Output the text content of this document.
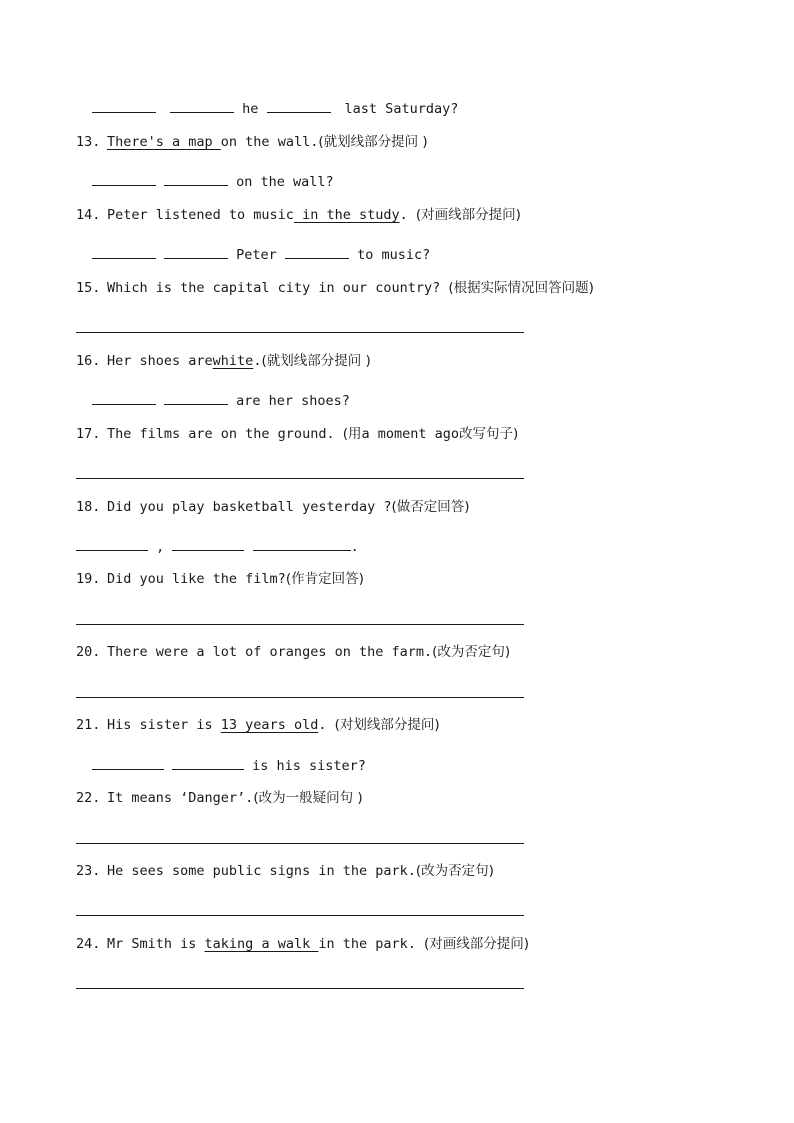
he	last Saturday?
13. There's a map on the wall.(就划线部分提问 )
on the wall?
14. Peter listened to music in the study. (对画线部分提问)
Peter	to music?
15. Which is the capital city in our country? (根据实际情况回答问题)
16. Her shoes arewhite.(就划线部分提问 )
are her shoes?
17. The films are on the ground. (用a moment ago改写句子)
18. Did you play basketball yesterday ?(做否定回答)
,	.
19. Did you like the film?(作肯定回答)
20. There were a lot of oranges on the farm.(改为否定句)
21. His sister is 13 years old. (对划线部分提问)
is his sister?
22. It means ‘Danger’.(改为一般疑问句 )
23. He sees some public signs in the park.(改为否定句)
24. Mr Smith is taking a walk in the park. (对画线部分提问)
